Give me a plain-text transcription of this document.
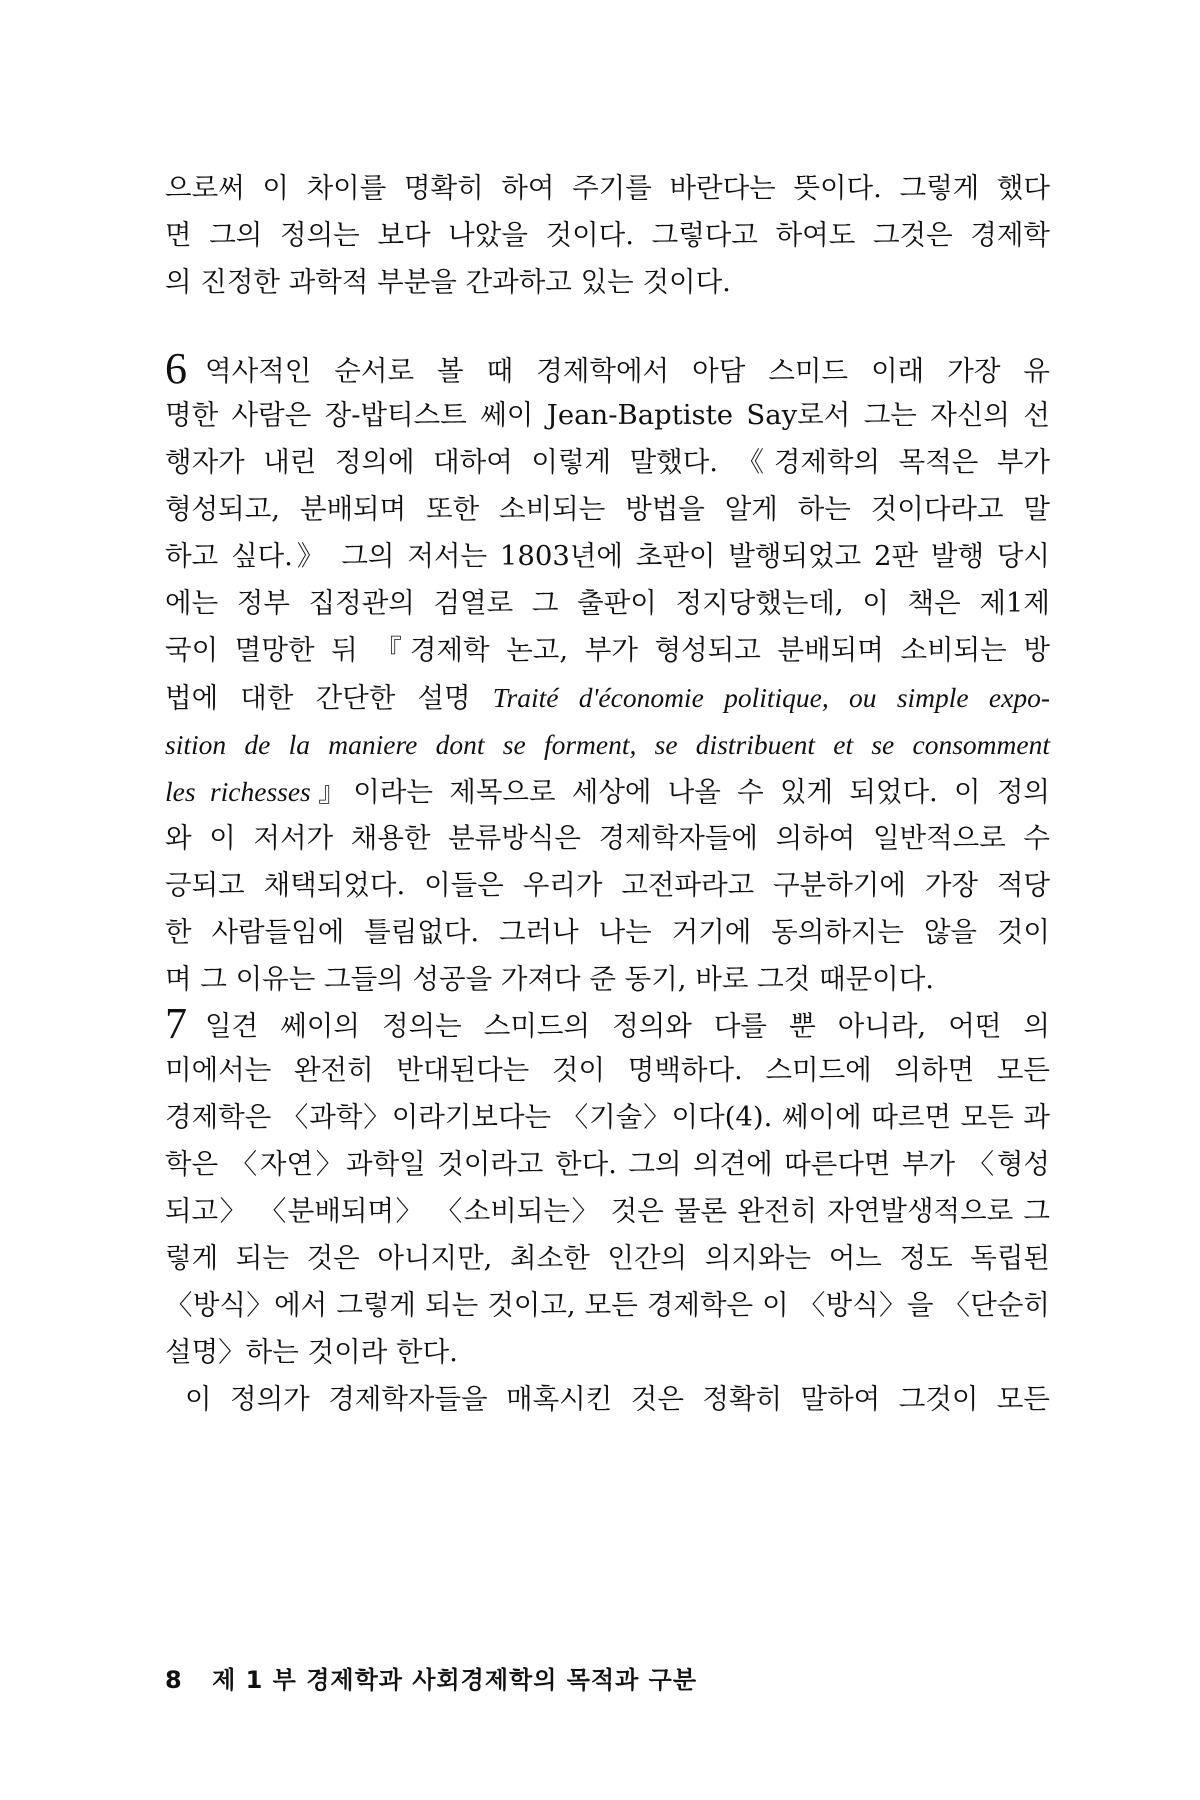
으로써 이 차이를 명확히 하여 주기를 바란다는 뜻이다. 그렇게 했다
면 그의 정의는 보다 나았을 것이다. 그렇다고 하여도 그것은 경제학
의 진정한 과학적 부분을 간과하고 있는 것이다.
6 역사적인 순서로 볼 때 경제학에서 아담 스미드 이래 가장 유
명한 사람은 장-밥티스트 쎄이 Jean-Baptiste Say로서 그는 자신의 선
행자가 내린 정의에 대하여 이렇게 말했다. 《경제학의 목적은 부가
형성되고, 분배되며 또한 소비되는 방법을 알게 하는 것이다라고 말
하고 싶다.》 그의 저서는 1803년에 초판이 발행되었고 2판 발행 당시
에는 정부 집정관의 검열로 그 출판이 정지당했는데, 이 책은 제1제
국이 멸망한 뒤 『경제학 논고, 부가 형성되고 분배되며 소비되는 방
법에 대한 간단한 설명 Traité d'économie politique, ou simple expo-
sition de la maniere dont se forment, se distribuent et se consomment
les richesses』이라는 제목으로 세상에 나올 수 있게 되었다. 이 정의
와 이 저서가 채용한 분류방식은 경제학자들에 의하여 일반적으로 수
긍되고 채택되었다. 이들은 우리가 고전파라고 구분하기에 가장 적당
한 사람들임에 틀림없다. 그러나 나는 거기에 동의하지는 않을 것이
며 그 이유는 그들의 성공을 가져다 준 동기, 바로 그것 때문이다.
7 일견 쎄이의 정의는 스미드의 정의와 다를 뿐 아니라, 어떤 의
미에서는 완전히 반대된다는 것이 명백하다. 스미드에 의하면 모든
경제학은 〈과학〉이라기보다는 〈기술〉이다(4). 쎄이에 따르면 모든 과
학은 〈자연〉과학일 것이라고 한다. 그의 의견에 따른다면 부가 〈형성
되고〉 〈분배되며〉 〈소비되는〉 것은 물론 완전히 자연발생적으로 그
렇게 되는 것은 아니지만, 최소한 인간의 의지와는 어느 정도 독립된
〈방식〉에서 그렇게 되는 것이고, 모든 경제학은 이 〈방식〉을 〈단순히
설명〉하는 것이라 한다.
이 정의가 경제학자들을 매혹시킨 것은 정확히 말하여 그것이 모든
8 제 1 부 경제학과 사회경제학의 목적과 구분
